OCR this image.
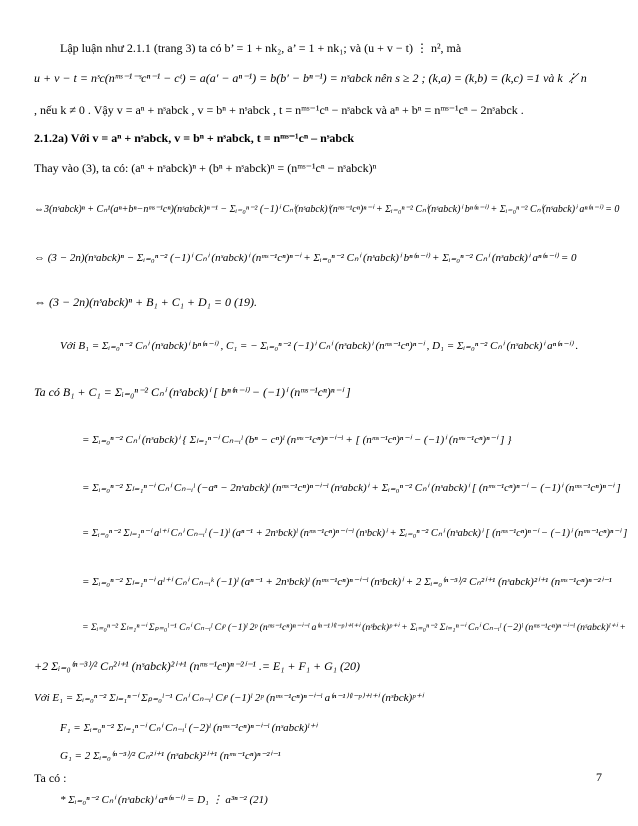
Lập luận như 2.1.1 (trang 3) ta có b’ = 1 + nk₂, a’ = 1 + nk₁; và (u + v − t) ⋮ n², mà
u + v − t = nˢc(nᵐˢ⁻¹⁻ˢcⁿ⁻¹ − cᵗ) = a(a′ − aⁿ⁻¹) = b(b′ − bⁿ⁻¹) = nˢabck nên s ≥ 2 ; (k,a) = (k,b) = (k,c) =1 và k ⋮̸ n
, nếu k ≠ 0 . Vậy v = aⁿ + nˢabck , v = bⁿ + nˢabck , t = nᵐˢ⁻¹cⁿ − nˢabck và aⁿ + bⁿ = nᵐˢ⁻¹cⁿ − 2nˢabck .
2.1.2a) Với v = aⁿ + nˢabck, v = bⁿ + nˢabck, t = nᵐˢ⁻¹cⁿ – nˢabck
Thay vào (3), ta có: (aⁿ + nˢabck)ⁿ + (bⁿ + nˢabck)ⁿ = (nᵐˢ⁻¹cⁿ − nˢabck)ⁿ
⇔3(nˢabck)ⁿ + Cₙ¹(aⁿ+bⁿ−nᵐˢ⁻¹cⁿ)(nˢabck)ⁿ⁻¹ − Σᵢ₌₀ⁿ⁻² (−1)ⁱ Cₙⁱ(nˢabck)ⁱ(nᵐˢ⁻¹cⁿ)ⁿ⁻ⁱ + Σᵢ₌₀ⁿ⁻² Cₙⁱ(nˢabck)ⁱ bⁿ⁽ⁿ⁻ⁱ⁾ + Σᵢ₌₀ⁿ⁻² Cₙⁱ(nˢabck)ⁱ aⁿ⁽ⁿ⁻ⁱ⁾ = 0
⇔ (3 − 2n)(nˢabck)ⁿ − Σᵢ₌₀ⁿ⁻² (−1)ⁱ Cₙⁱ (nˢabck)ⁱ (nᵐˢ⁻¹cⁿ)ⁿ⁻ⁱ + Σᵢ₌₀ⁿ⁻² Cₙⁱ (nˢabck)ⁱ bⁿ⁽ⁿ⁻ⁱ⁾ + Σᵢ₌₀ⁿ⁻² Cₙⁱ (nˢabck)ⁱ aⁿ⁽ⁿ⁻ⁱ⁾ = 0
⇔ (3 − 2n)(nˢabck)ⁿ + B₁ + C₁ + D₁ = 0 (19).
Với B₁ = Σᵢ₌₀ⁿ⁻² Cₙⁱ (nˢabck)ⁱ bⁿ⁽ⁿ⁻ⁱ⁾ , C₁ = − Σᵢ₌₀ⁿ⁻² (−1)ⁱ Cₙⁱ (nˢabck)ⁱ (nᵐˢ⁻¹cⁿ)ⁿ⁻ⁱ , D₁ = Σᵢ₌₀ⁿ⁻² Cₙⁱ (nˢabck)ⁱ aⁿ⁽ⁿ⁻ⁱ⁾ .
Ta có B₁ + C₁ = Σᵢ₌₀ⁿ⁻² Cₙⁱ (nˢabck)ⁱ [ bⁿ⁽ⁿ⁻ⁱ⁾ − (−1)ⁱ (nᵐˢ⁻¹cⁿ)ⁿ⁻ⁱ ]
= Σᵢ₌₀ⁿ⁻² Cₙⁱ (nˢabck)ⁱ { Σₗ₌₁ⁿ⁻ⁱ Cₙ₋ᵢˡ (bⁿ − cⁿ)ˡ (nᵐˢ⁻¹cⁿ)ⁿ⁻ⁱ⁻ˡ + [ (nᵐˢ⁻¹cⁿ)ⁿ⁻ⁱ − (−1)ⁱ (nᵐˢ⁻¹cⁿ)ⁿ⁻ⁱ ] }
= Σᵢ₌₀ⁿ⁻² Σₗ₌₁ⁿ⁻ⁱ Cₙⁱ Cₙ₋ᵢˡ (−aⁿ − 2nˢabck)ˡ (nᵐˢ⁻¹cⁿ)ⁿ⁻ⁱ⁻ˡ (nˢabck)ⁱ + Σᵢ₌₀ⁿ⁻² Cₙⁱ (nˢabck)ⁱ [ (nᵐˢ⁻¹cⁿ)ⁿ⁻ⁱ − (−1)ⁱ (nᵐˢ⁻¹cⁿ)ⁿ⁻ⁱ ]
= Σᵢ₌₀ⁿ⁻² Σₗ₌₁ⁿ⁻ⁱ aˡ⁺ⁱ Cₙⁱ Cₙ₋ᵢˡ (−1)ˡ (aⁿ⁻¹ + 2nˢbck)ˡ (nᵐˢ⁻¹cⁿ)ⁿ⁻ⁱ⁻ˡ (nˢbck)ⁱ + Σᵢ₌₀ⁿ⁻² Cₙⁱ (nˢabck)ⁱ [ (nᵐˢ⁻¹cⁿ)ⁿ⁻ⁱ − (−1)ⁱ (nᵐˢ⁻¹cⁿ)ⁿ⁻ⁱ ]
= Σᵢ₌₀ⁿ⁻² Σₗ₌₁ⁿ⁻ⁱ aˡ⁺ⁱ Cₙⁱ Cₙ₋ᵢᵏ (−1)ˡ (aⁿ⁻¹ + 2nˢbck)ˡ (nᵐˢ⁻¹cⁿ)ⁿ⁻ⁱ⁻ˡ (nˢbck)ⁱ + 2 Σᵢ₌₀⁽ⁿ⁻³⁾/² Cₙ²ⁱ⁺¹ (nˢabck)²ⁱ⁺¹ (nᵐˢ⁻¹cⁿ)ⁿ⁻²ⁱ⁻¹
= Σᵢ₌₀ⁿ⁻² Σₗ₌₁ⁿ⁻ⁱ Σₚ₌₀ˡ⁻¹ Cₙⁱ Cₙ₋ᵢˡ Cₗᵖ (−1)ˡ 2ᵖ (nᵐˢ⁻¹cⁿ)ⁿ⁻ⁱ⁻ˡ a⁽ⁿ⁻¹⁾⁽ˡ⁻ᵖ⁾⁺ˡ⁺ⁱ (nˢbck)ᵖ⁺ⁱ + Σᵢ₌₀ⁿ⁻² Σₗ₌₁ⁿ⁻ⁱ Cₙⁱ Cₙ₋ᵢˡ (−2)ˡ (nᵐˢ⁻¹cⁿ)ⁿ⁻ⁱ⁻ˡ (nˢabck)ˡ⁺ⁱ +
+2 Σᵢ₌₀⁽ⁿ⁻³⁾/² Cₙ²ⁱ⁺¹ (nˢabck)²ⁱ⁺¹ (nᵐˢ⁻¹cⁿ)ⁿ⁻²ⁱ⁻¹ .= E₁ + F₁ + G₁ (20)
Với E₁ = Σᵢ₌₀ⁿ⁻² Σₗ₌₁ⁿ⁻ⁱ Σₚ₌₀ˡ⁻¹ Cₙⁱ Cₙ₋ᵢˡ Cₗᵖ (−1)ˡ 2ᵖ (nᵐˢ⁻¹cⁿ)ⁿ⁻ⁱ⁻ˡ a⁽ⁿ⁻¹⁾⁽ˡ⁻ᵖ⁾⁺ˡ⁺ⁱ (nˢbck)ᵖ⁺ⁱ
F₁ = Σᵢ₌₀ⁿ⁻² Σₗ₌₁ⁿ⁻ⁱ Cₙⁱ Cₙ₋ᵢˡ (−2)ˡ (nᵐˢ⁻¹cⁿ)ⁿ⁻ⁱ⁻ˡ (nˢabck)ˡ⁺ⁱ
G₁ = 2 Σᵢ₌₀⁽ⁿ⁻³⁾/² Cₙ²ⁱ⁺¹ (nˢabck)²ⁱ⁺¹ (nᵐˢ⁻¹cⁿ)ⁿ⁻²ⁱ⁻¹
Ta có :
* Σᵢ₌₀ⁿ⁻² Cₙⁱ (nˢabck)ⁱ aⁿ⁽ⁿ⁻ⁱ⁾ = D₁ ⋮ a³ⁿ⁻² (21)
7
